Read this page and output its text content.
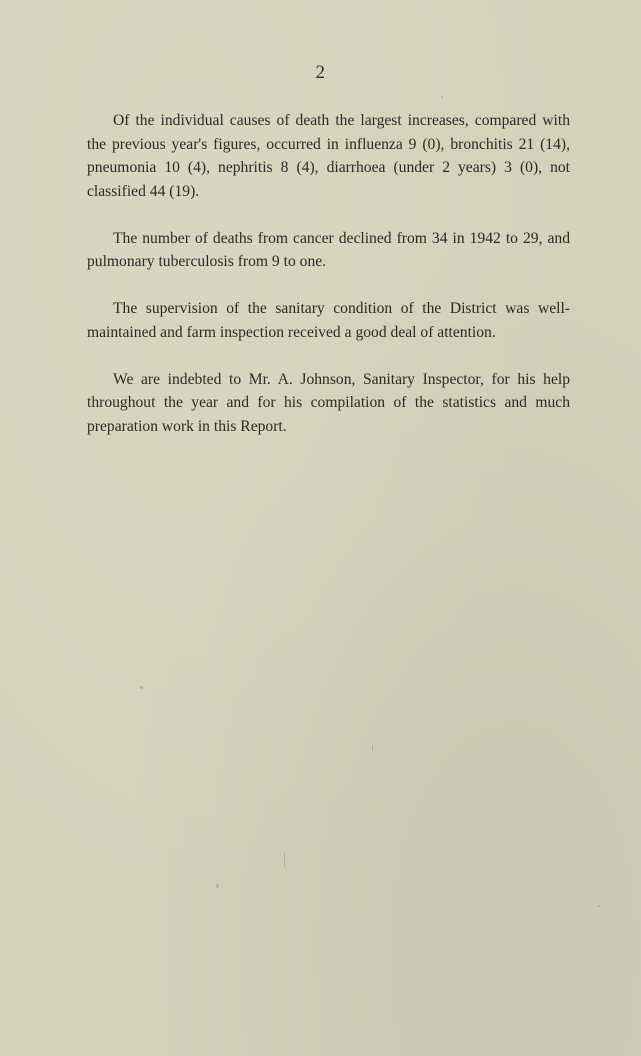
2

Of the individual causes of death the largest increases, compared with the previous year's figures, occurred in influenza 9 (0), bronchitis 21 (14), pneumonia 10 (4), nephritis 8 (4), diarrhoea (under 2 years) 3 (0), not classified 44 (19).

The number of deaths from cancer declined from 34 in 1942 to 29, and pulmonary tuberculosis from 9 to one.

The supervision of the sanitary condition of the District was well-maintained and farm inspection received a good deal of attention.

We are indebted to Mr. A. Johnson, Sanitary Inspector, for his help throughout the year and for his compilation of the statistics and much preparation work in this Report.
